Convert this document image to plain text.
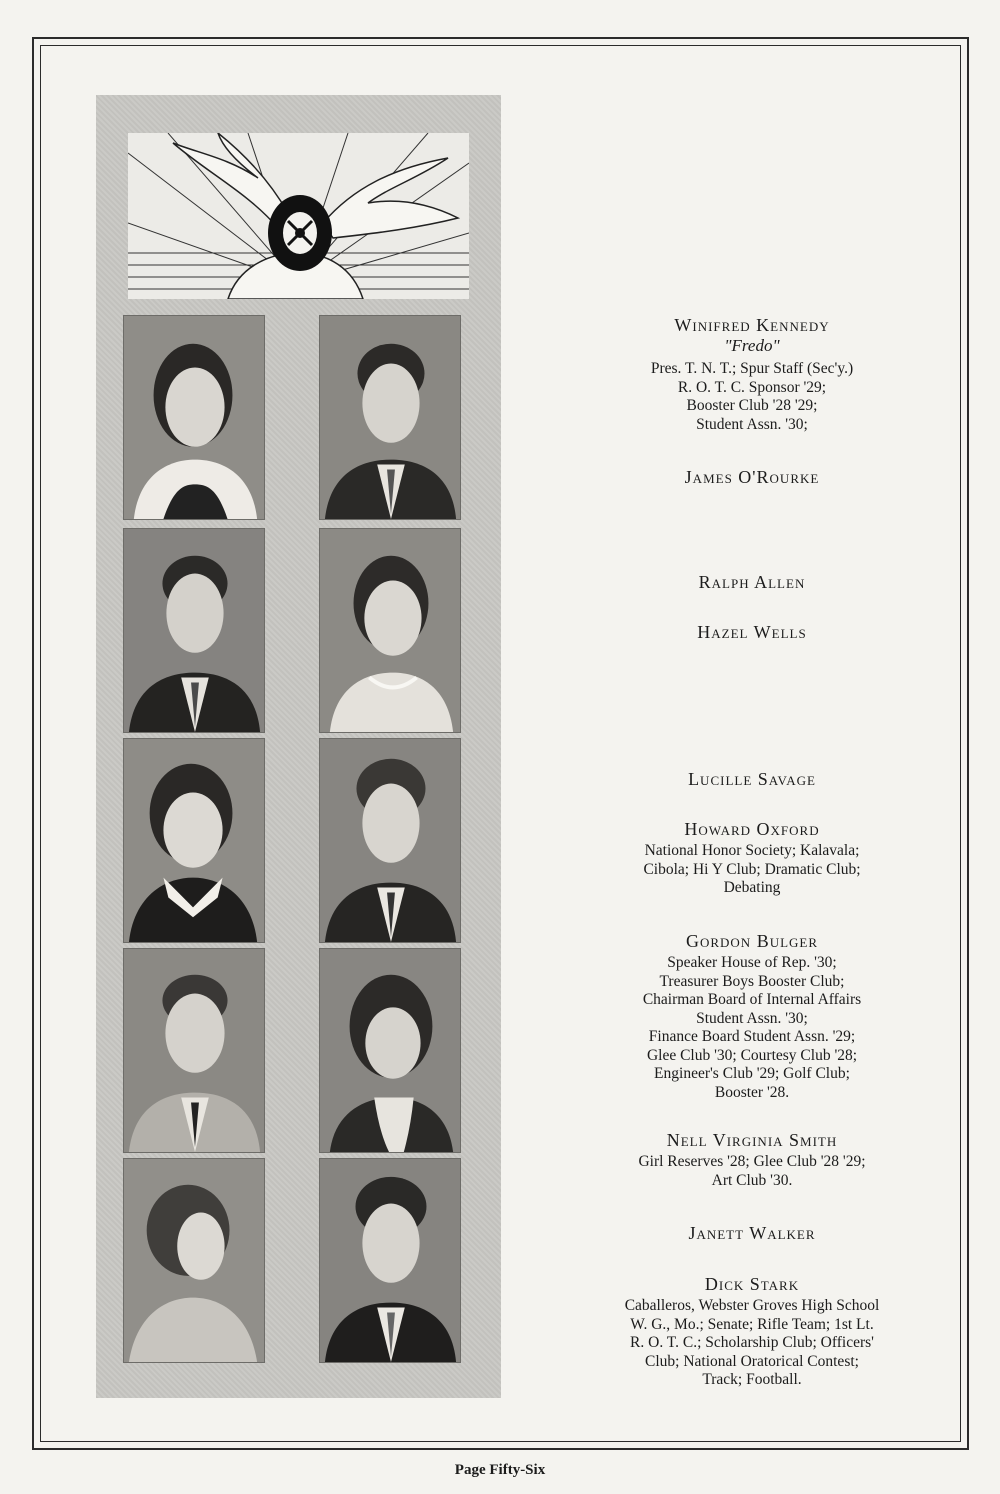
Winifred Kennedy
"Fredo"
Pres. T. N. T.; Spur Staff (Sec'y.)
R. O. T. C. Sponsor '29;
Booster Club '28 '29;
Student Assn. '30;
James O'Rourke
Ralph Allen
Hazel Wells
Lucille Savage
Howard Oxford
National Honor Society; Kalavala;
Cibola; Hi Y Club; Dramatic Club;
Debating
Gordon Bulger
Speaker House of Rep. '30;
Treasurer Boys Booster Club;
Chairman Board of Internal Affairs
Student Assn. '30;
Finance Board Student Assn. '29;
Glee Club '30; Courtesy Club '28;
Engineer's Club '29; Golf Club;
Booster '28.
Nell Virginia Smith
Girl Reserves '28; Glee Club '28 '29;
Art Club '30.
Janett Walker
Dick Stark
Caballeros, Webster Groves High School
W. G., Mo.; Senate; Rifle Team; 1st Lt.
R. O. T. C.; Scholarship Club; Officers'
Club; National Oratorical Contest;
Track; Football.
Page Fifty-Six
